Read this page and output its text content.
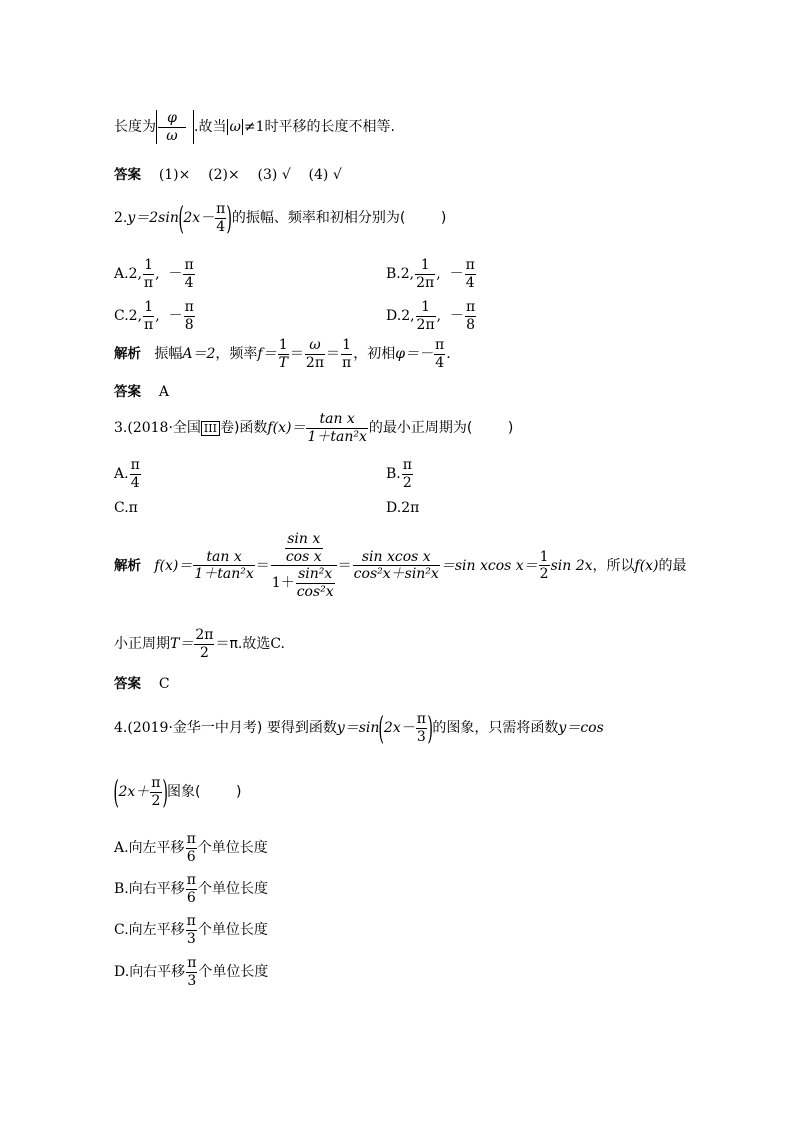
长度为 $\frac{\varphi}{\omega}$ .故当 ω ≠1时平移的长度不相等.
答案 (1)×    (2)×    (3) √    (4) √
$2.y=2\sin(2x- \frac{\pi}{4}$ )的振幅、频率和初相分别为(        )
A.2, $\frac{1}{\pi}$ ,  － $\frac{\pi}{4}$	B.2, $\frac{1}{2\pi}$ ,  － $\frac{\pi}{4}$
C.2, $\frac{1}{\pi}$ ,  － $\frac{\pi}{8}$	D.2, $\frac{1}{2\pi}$ ,  － $\frac{\pi}{8}$
解析 振幅A＝2，频率$f= \frac{1}{T} = \frac{\omega}{2\pi} = \frac{1}{\pi}$ ，初相$\varphi=- \frac{\pi}{4}$ .
答案 A
3.(2018·全国 III 卷)函数$f(x)= \frac{\text{tan x}}{\text{1＋tan²x}}$ 的最小正周期为(        )
A. $\frac{\pi}{4}$	B. $\frac{\pi}{2}$
C.π	D.2π
解析 $f(x)= \frac{\text{tan x}}{\text{1＋tan²x}} = \frac{\frac{\text{sin x}}{\text{cos x}}}{1+ \frac{\text{sin²x}}{\text{cos²x}}} = \frac{\text{sin xcos x}}{\text{cos²x＋sin²x}} =\sin$ xcos $x= \frac{1}{2}$ sin 2x，所以f(x)的最
小正周期$T= \frac{2\pi}{2} =\pi$.故选C.
答案 C
4.(2019·金华一中月考) 要得到函数$y=\sin(2x- \frac{\pi}{3}$ )的图象，只需将函数y＝cos
($2x+ \frac{\pi}{2}$ )图象(        )
A.向左平移 $\frac{\pi}{6}$ 个单位长度
B.向右平移 $\frac{\pi}{6}$ 个单位长度
C.向左平移 $\frac{\pi}{3}$ 个单位长度
D.向右平移 $\frac{\pi}{3}$ 个单位长度
